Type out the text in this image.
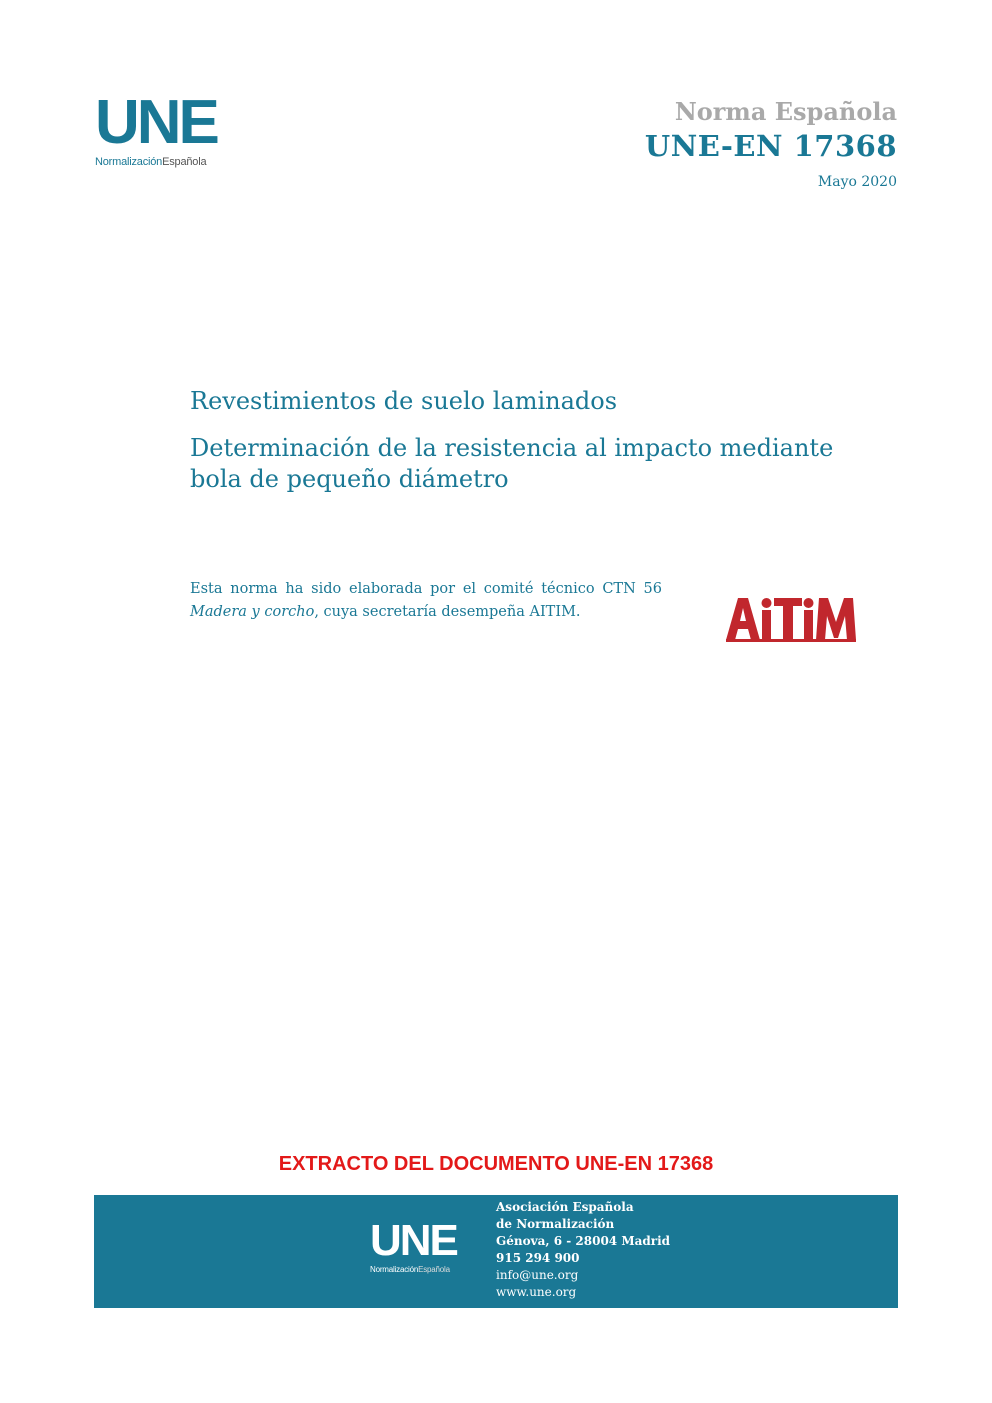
UNE
NormalizaciónEspañola
Norma Española
UNE-EN 17368
Mayo 2020
Revestimientos de suelo laminados
Determinación de la resistencia al impacto mediante bola de pequeño diámetro
Esta norma ha sido elaborada por el comité técnico CTN 56 Madera y corcho, cuya secretaría desempeña AITIM.
EXTRACTO DEL DOCUMENTO UNE-EN 17368
UNE
NormalizaciónEspañola
Asociación Española
de Normalización
Génova, 6 - 28004 Madrid
915 294 900
info@une.org
www.une.org
